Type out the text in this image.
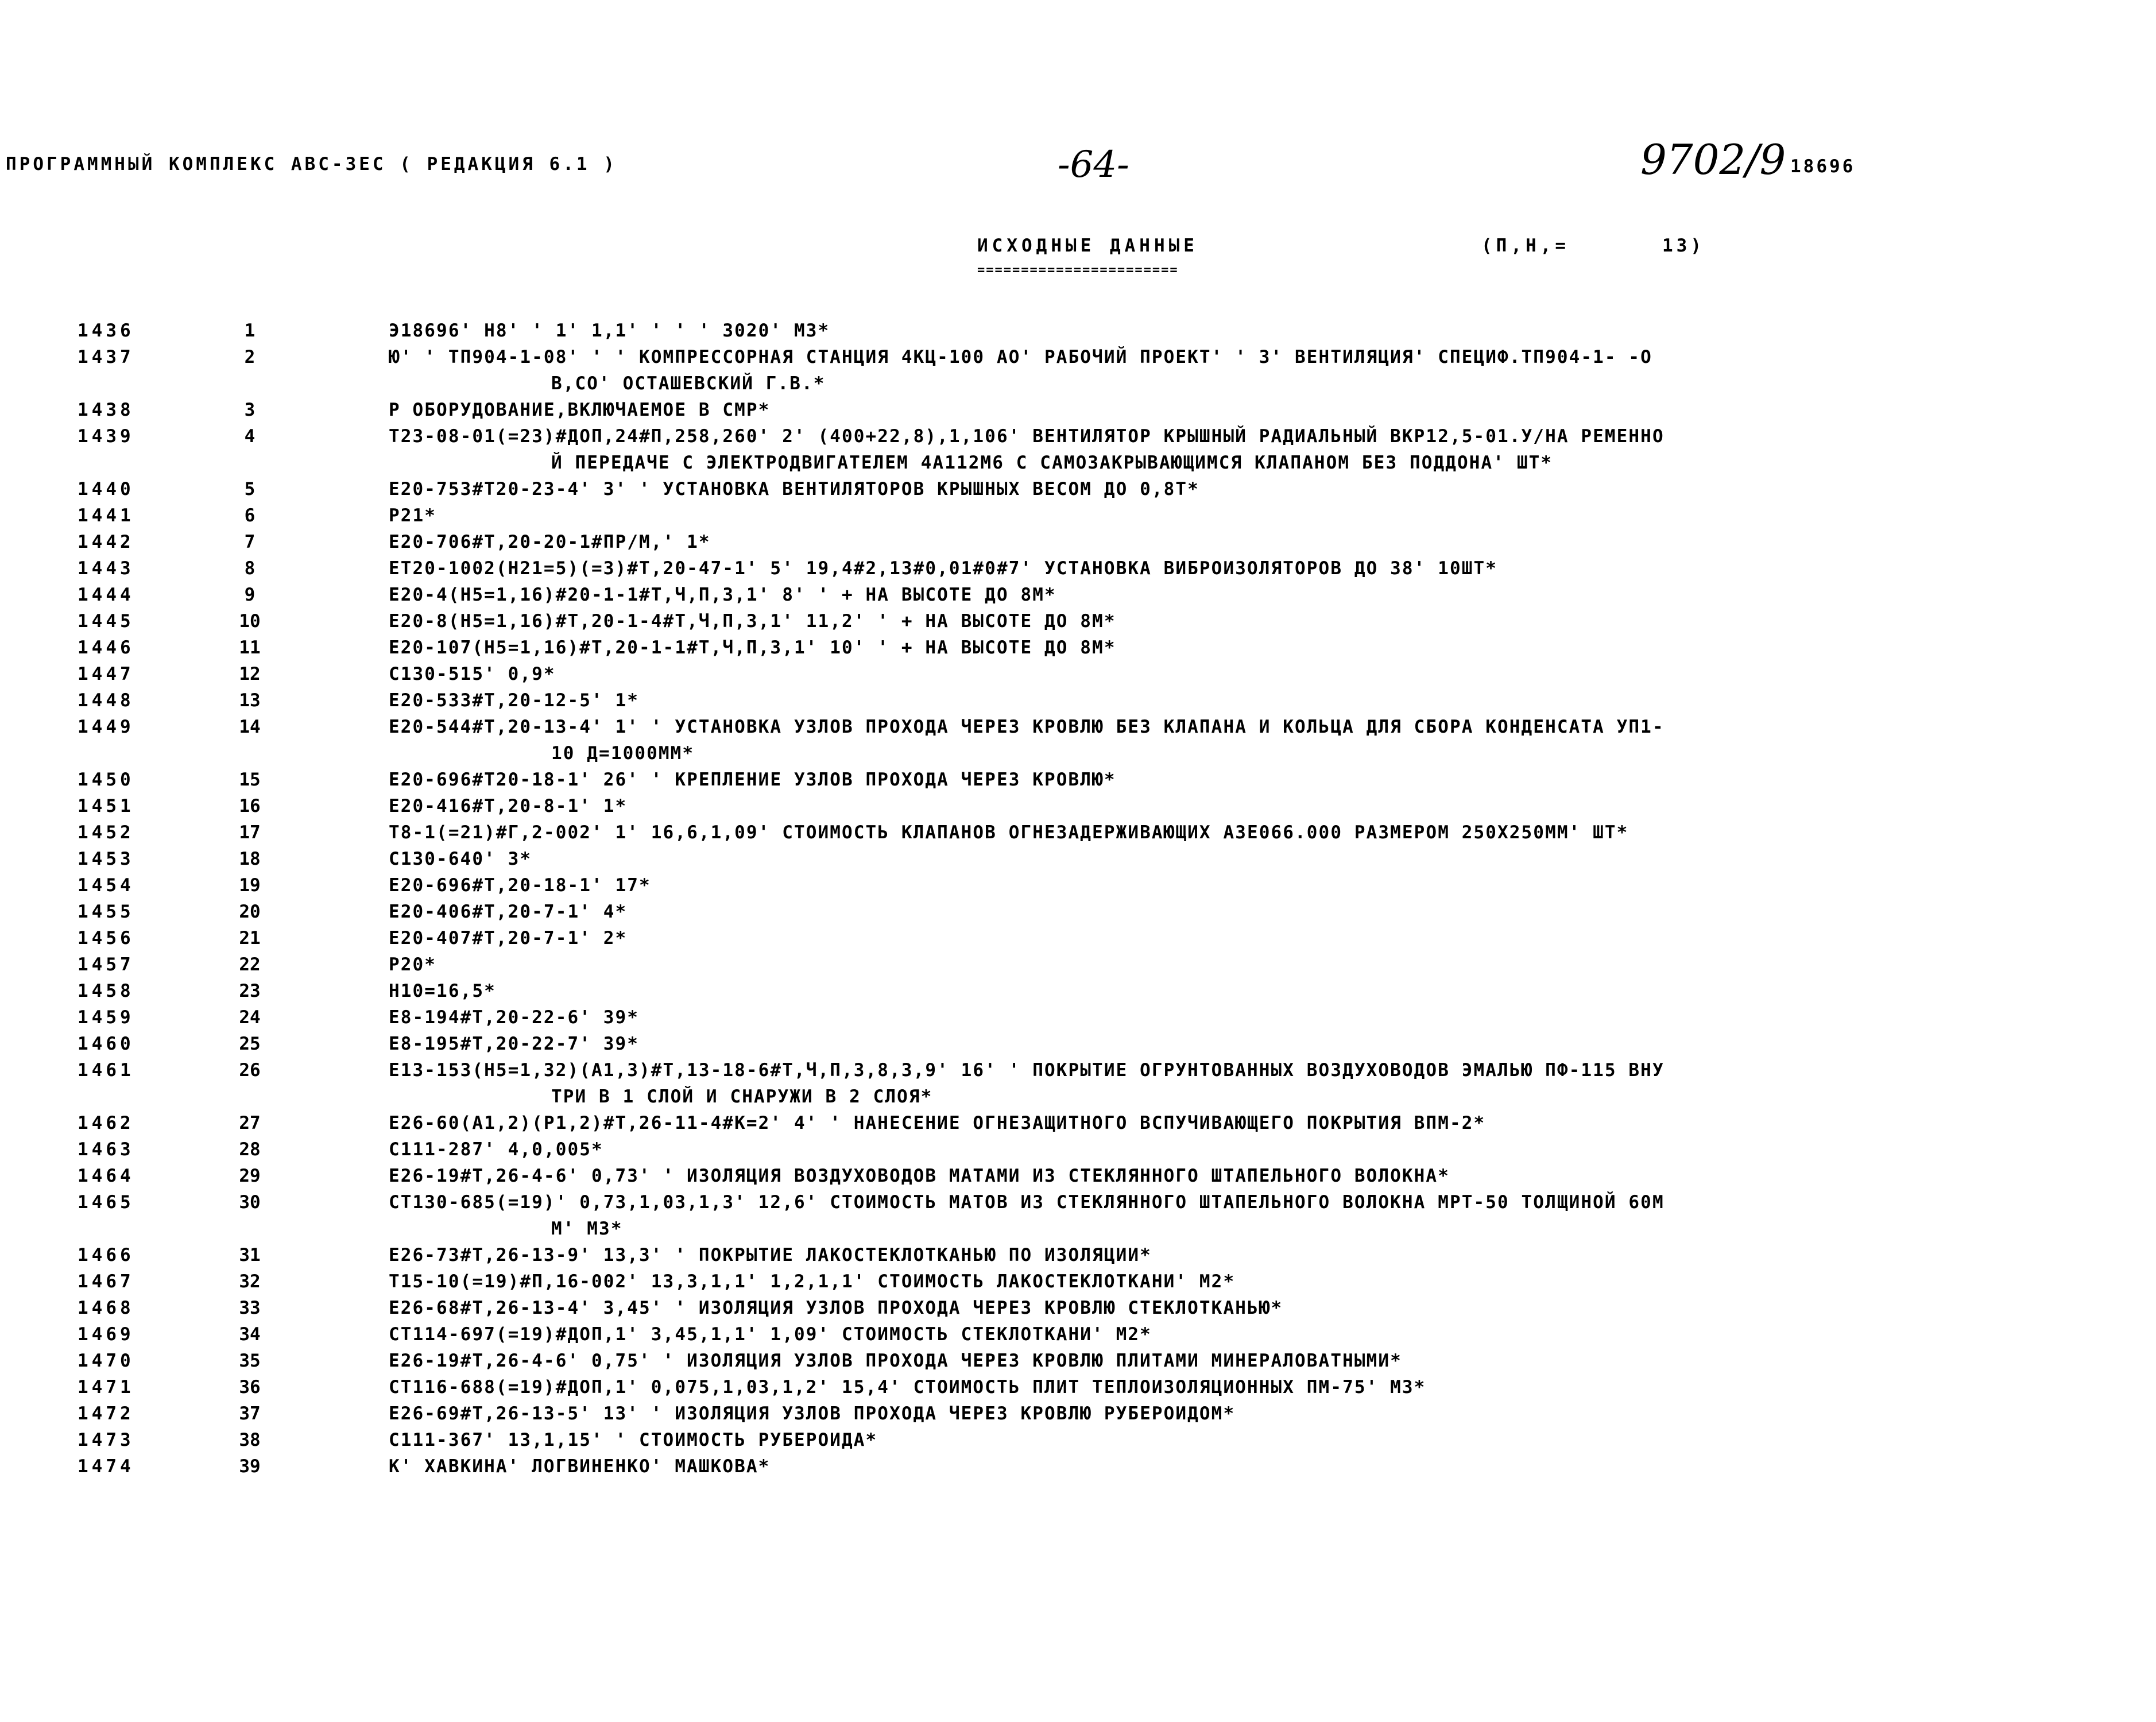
ПРОГРАММНЫЙ КОМПЛЕКС АВС-3ЕС ( РЕДАКЦИЯ 6.1 )	-64-	9702/9 18696
ИСХОДНЫЕ ДАННЫЕ
=======================
(П,Н,=	13)
1436	1	Э18696' Н8' ' 1' 1,1' ' ' ' 3020' М3*
1437	2	Ю' ' ТП904-1-08' ' ' КОМПРЕССОРНАЯ СТАНЦИЯ 4КЦ-100 АО' РАБОЧИЙ ПРОЕКТ' ' 3' ВЕНТИЛЯЦИЯ' СПЕЦИФ.ТП904-1- -О
В,СО' ОСТАШЕВСКИЙ Г.В.*
1438	3	Р ОБОРУДОВАНИЕ,ВКЛЮЧАЕМОЕ В СМР*
1439	4	Т23-08-01(=23)#ДОП,24#П,258,260' 2' (400+22,8),1,106' ВЕНТИЛЯТОР КРЫШНЫЙ РАДИАЛЬНЫЙ ВКР12,5-01.У/НА РЕМЕННО
Й ПЕРЕДАЧЕ С ЭЛЕКТРОДВИГАТЕЛЕМ 4А112М6 С САМОЗАКРЫВАЮЩИМСЯ КЛАПАНОМ БЕЗ ПОДДОНА' ШТ*
1440	5	Е20-753#Т20-23-4' 3' ' УСТАНОВКА ВЕНТИЛЯТОРОВ КРЫШНЫХ ВЕСОМ ДО 0,8Т*
1441	6	Р21*
1442	7	Е20-706#Т,20-20-1#ПР/М,' 1*
1443	8	ЕТ20-1002(Н21=5)(=3)#Т,20-47-1' 5' 19,4#2,13#0,01#0#7' УСТАНОВКА ВИБРОИЗОЛЯТОРОВ ДО 38' 10ШТ*
1444	9	Е20-4(Н5=1,16)#20-1-1#Т,Ч,П,3,1' 8' ' + НА ВЫСОТЕ ДО 8М*
1445	10	Е20-8(Н5=1,16)#Т,20-1-4#Т,Ч,П,3,1' 11,2' ' + НА ВЫСОТЕ ДО 8М*
1446	11	Е20-107(Н5=1,16)#Т,20-1-1#Т,Ч,П,3,1' 10' ' + НА ВЫСОТЕ ДО 8М*
1447	12	С130-515' 0,9*
1448	13	Е20-533#Т,20-12-5' 1*
1449	14	Е20-544#Т,20-13-4' 1' ' УСТАНОВКА УЗЛОВ ПРОХОДА ЧЕРЕЗ КРОВЛЮ БЕЗ КЛАПАНА И КОЛЬЦА ДЛЯ СБОРА КОНДЕНСАТА УП1-
10 Д=1000ММ*
1450	15	Е20-696#Т20-18-1' 26' ' КРЕПЛЕНИЕ УЗЛОВ ПРОХОДА ЧЕРЕЗ КРОВЛЮ*
1451	16	Е20-416#Т,20-8-1' 1*
1452	17	Т8-1(=21)#Г,2-002' 1' 16,6,1,09' СТОИМОСТЬ КЛАПАНОВ ОГНЕЗАДЕРЖИВАЮЩИХ АЗЕ066.000 РАЗМЕРОМ 250Х250ММ' ШТ*
1453	18	С130-640' 3*
1454	19	Е20-696#Т,20-18-1' 17*
1455	20	Е20-406#Т,20-7-1' 4*
1456	21	Е20-407#Т,20-7-1' 2*
1457	22	Р20*
1458	23	Н10=16,5*
1459	24	Е8-194#Т,20-22-6' 39*
1460	25	Е8-195#Т,20-22-7' 39*
1461	26	Е13-153(Н5=1,32)(А1,3)#Т,13-18-6#Т,Ч,П,3,8,3,9' 16' ' ПОКРЫТИЕ ОГРУНТОВАННЫХ ВОЗДУХОВОДОВ ЭМАЛЬЮ ПФ-115 ВНУ
ТРИ В 1 СЛОЙ И СНАРУЖИ В 2 СЛОЯ*
1462	27	Е26-60(А1,2)(Р1,2)#Т,26-11-4#К=2' 4' ' НАНЕСЕНИЕ ОГНЕЗАЩИТНОГО ВСПУЧИВАЮЩЕГО ПОКРЫТИЯ ВПМ-2*
1463	28	С111-287' 4,0,005*
1464	29	Е26-19#Т,26-4-6' 0,73' ' ИЗОЛЯЦИЯ ВОЗДУХОВОДОВ МАТАМИ ИЗ СТЕКЛЯННОГО ШТАПЕЛЬНОГО ВОЛОКНА*
1465	30	СТ130-685(=19)' 0,73,1,03,1,3' 12,6' СТОИМОСТЬ МАТОВ ИЗ СТЕКЛЯННОГО ШТАПЕЛЬНОГО ВОЛОКНА МРТ-50 ТОЛЩИНОЙ 60М
М' М3*
1466	31	Е26-73#Т,26-13-9' 13,3' ' ПОКРЫТИЕ ЛАКОСТЕКЛОТКАНЬЮ ПО ИЗОЛЯЦИИ*
1467	32	Т15-10(=19)#П,16-002' 13,3,1,1' 1,2,1,1' СТОИМОСТЬ ЛАКОСТЕКЛОТКАНИ' М2*
1468	33	Е26-68#Т,26-13-4' 3,45' ' ИЗОЛЯЦИЯ УЗЛОВ ПРОХОДА ЧЕРЕЗ КРОВЛЮ СТЕКЛОТКАНЬЮ*
1469	34	СТ114-697(=19)#ДОП,1' 3,45,1,1' 1,09' СТОИМОСТЬ СТЕКЛОТКАНИ' М2*
1470	35	Е26-19#Т,26-4-6' 0,75' ' ИЗОЛЯЦИЯ УЗЛОВ ПРОХОДА ЧЕРЕЗ КРОВЛЮ ПЛИТАМИ МИНЕРАЛОВАТНЫМИ*
1471	36	СТ116-688(=19)#ДОП,1' 0,075,1,03,1,2' 15,4' СТОИМОСТЬ ПЛИТ ТЕПЛОИЗОЛЯЦИОННЫХ ПМ-75' М3*
1472	37	Е26-69#Т,26-13-5' 13' ' ИЗОЛЯЦИЯ УЗЛОВ ПРОХОДА ЧЕРЕЗ КРОВЛЮ РУБЕРОИДОМ*
1473	38	С111-367' 13,1,15' ' СТОИМОСТЬ РУБЕРОИДА*
1474	39	К' ХАВКИНА' ЛОГВИНЕНКО' МАШКОВА*
